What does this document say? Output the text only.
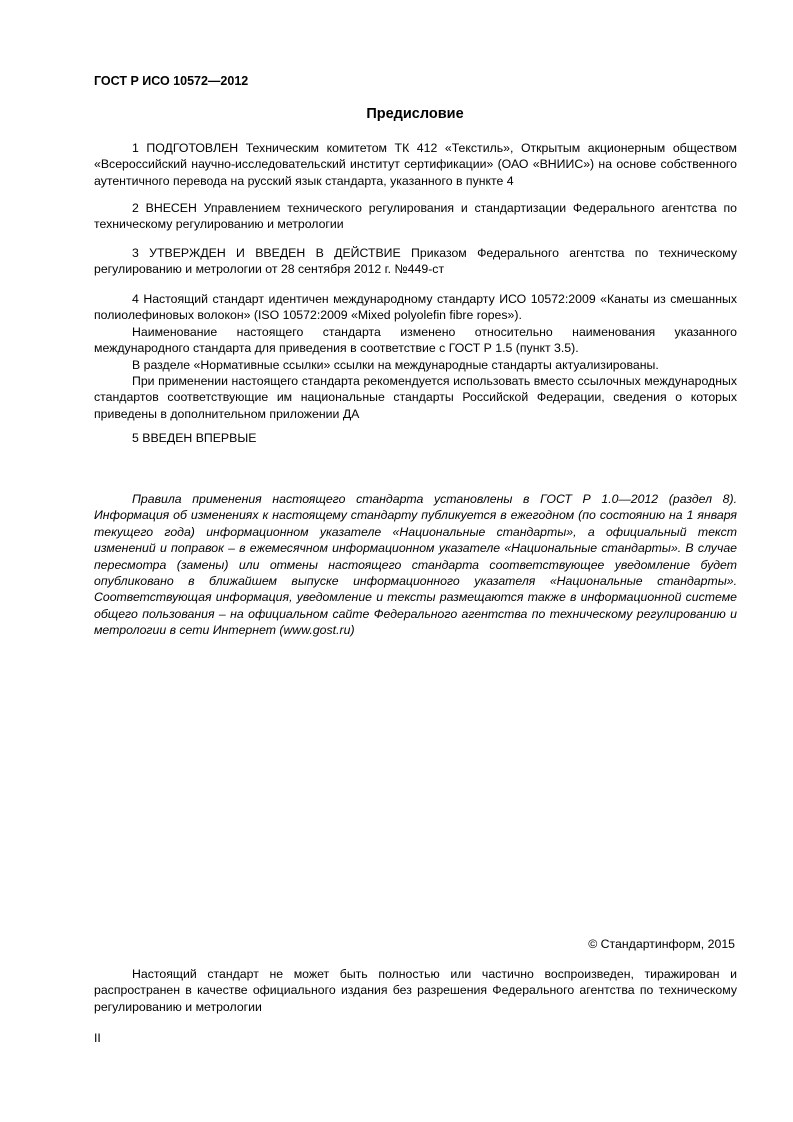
ГОСТ Р ИСО 10572—2012
Предисловие

1 ПОДГОТОВЛЕН Техническим комитетом ТК 412 «Текстиль», Открытым акционерным обществом «Всероссийский научно-исследовательский институт сертификации» (ОАО «ВНИИС») на основе собственного аутентичного перевода на русский язык стандарта, указанного в пункте 4

2 ВНЕСЕН Управлением технического регулирования и стандартизации Федерального агентства по техническому регулированию и метрологии

3 УТВЕРЖДЕН И ВВЕДЕН В ДЕЙСТВИЕ Приказом Федерального агентства по техническому регулированию и метрологии от 28 сентября 2012 г. №449-ст

4 Настоящий стандарт идентичен международному стандарту ИСО 10572:2009 «Канаты из смешанных полиолефиновых волокон» (ISO 10572:2009 «Mixed polyolefin fibre ropes»).

Наименование настоящего стандарта изменено относительно наименования указанного международного стандарта для приведения в соответствие с ГОСТ Р 1.5 (пункт 3.5).

В разделе «Нормативные ссылки» ссылки на международные стандарты актуализированы.

При применении настоящего стандарта рекомендуется использовать вместо ссылочных международных стандартов соответствующие им национальные стандарты Российской Федерации, сведения о которых приведены в дополнительном приложении ДА

5 ВВЕДЕН ВПЕРВЫЕ

Правила применения настоящего стандарта установлены в ГОСТ Р 1.0—2012 (раздел 8). Информация об изменениях к настоящему стандарту публикуется в ежегодном (по состоянию на 1 января текущего года) информационном указателе «Национальные стандарты», а официальный текст изменений и поправок – в ежемесячном информационном указателе «Национальные стандарты». В случае пересмотра (замены) или отмены настоящего стандарта соответствующее уведомление будет опубликовано в ближайшем выпуске информационного указателя «Национальные стандарты». Соответствующая информация, уведомление и тексты размещаются также в информационной системе общего пользования – на официальном сайте Федерального агентства по техническому регулированию и метрологии в сети Интернет (www.gost.ru)

© Стандартинформ, 2015

Настоящий стандарт не может быть полностью или частично воспроизведен, тиражирован и распространен в качестве официального издания без разрешения Федерального агентства по техническому регулированию и метрологии

II
